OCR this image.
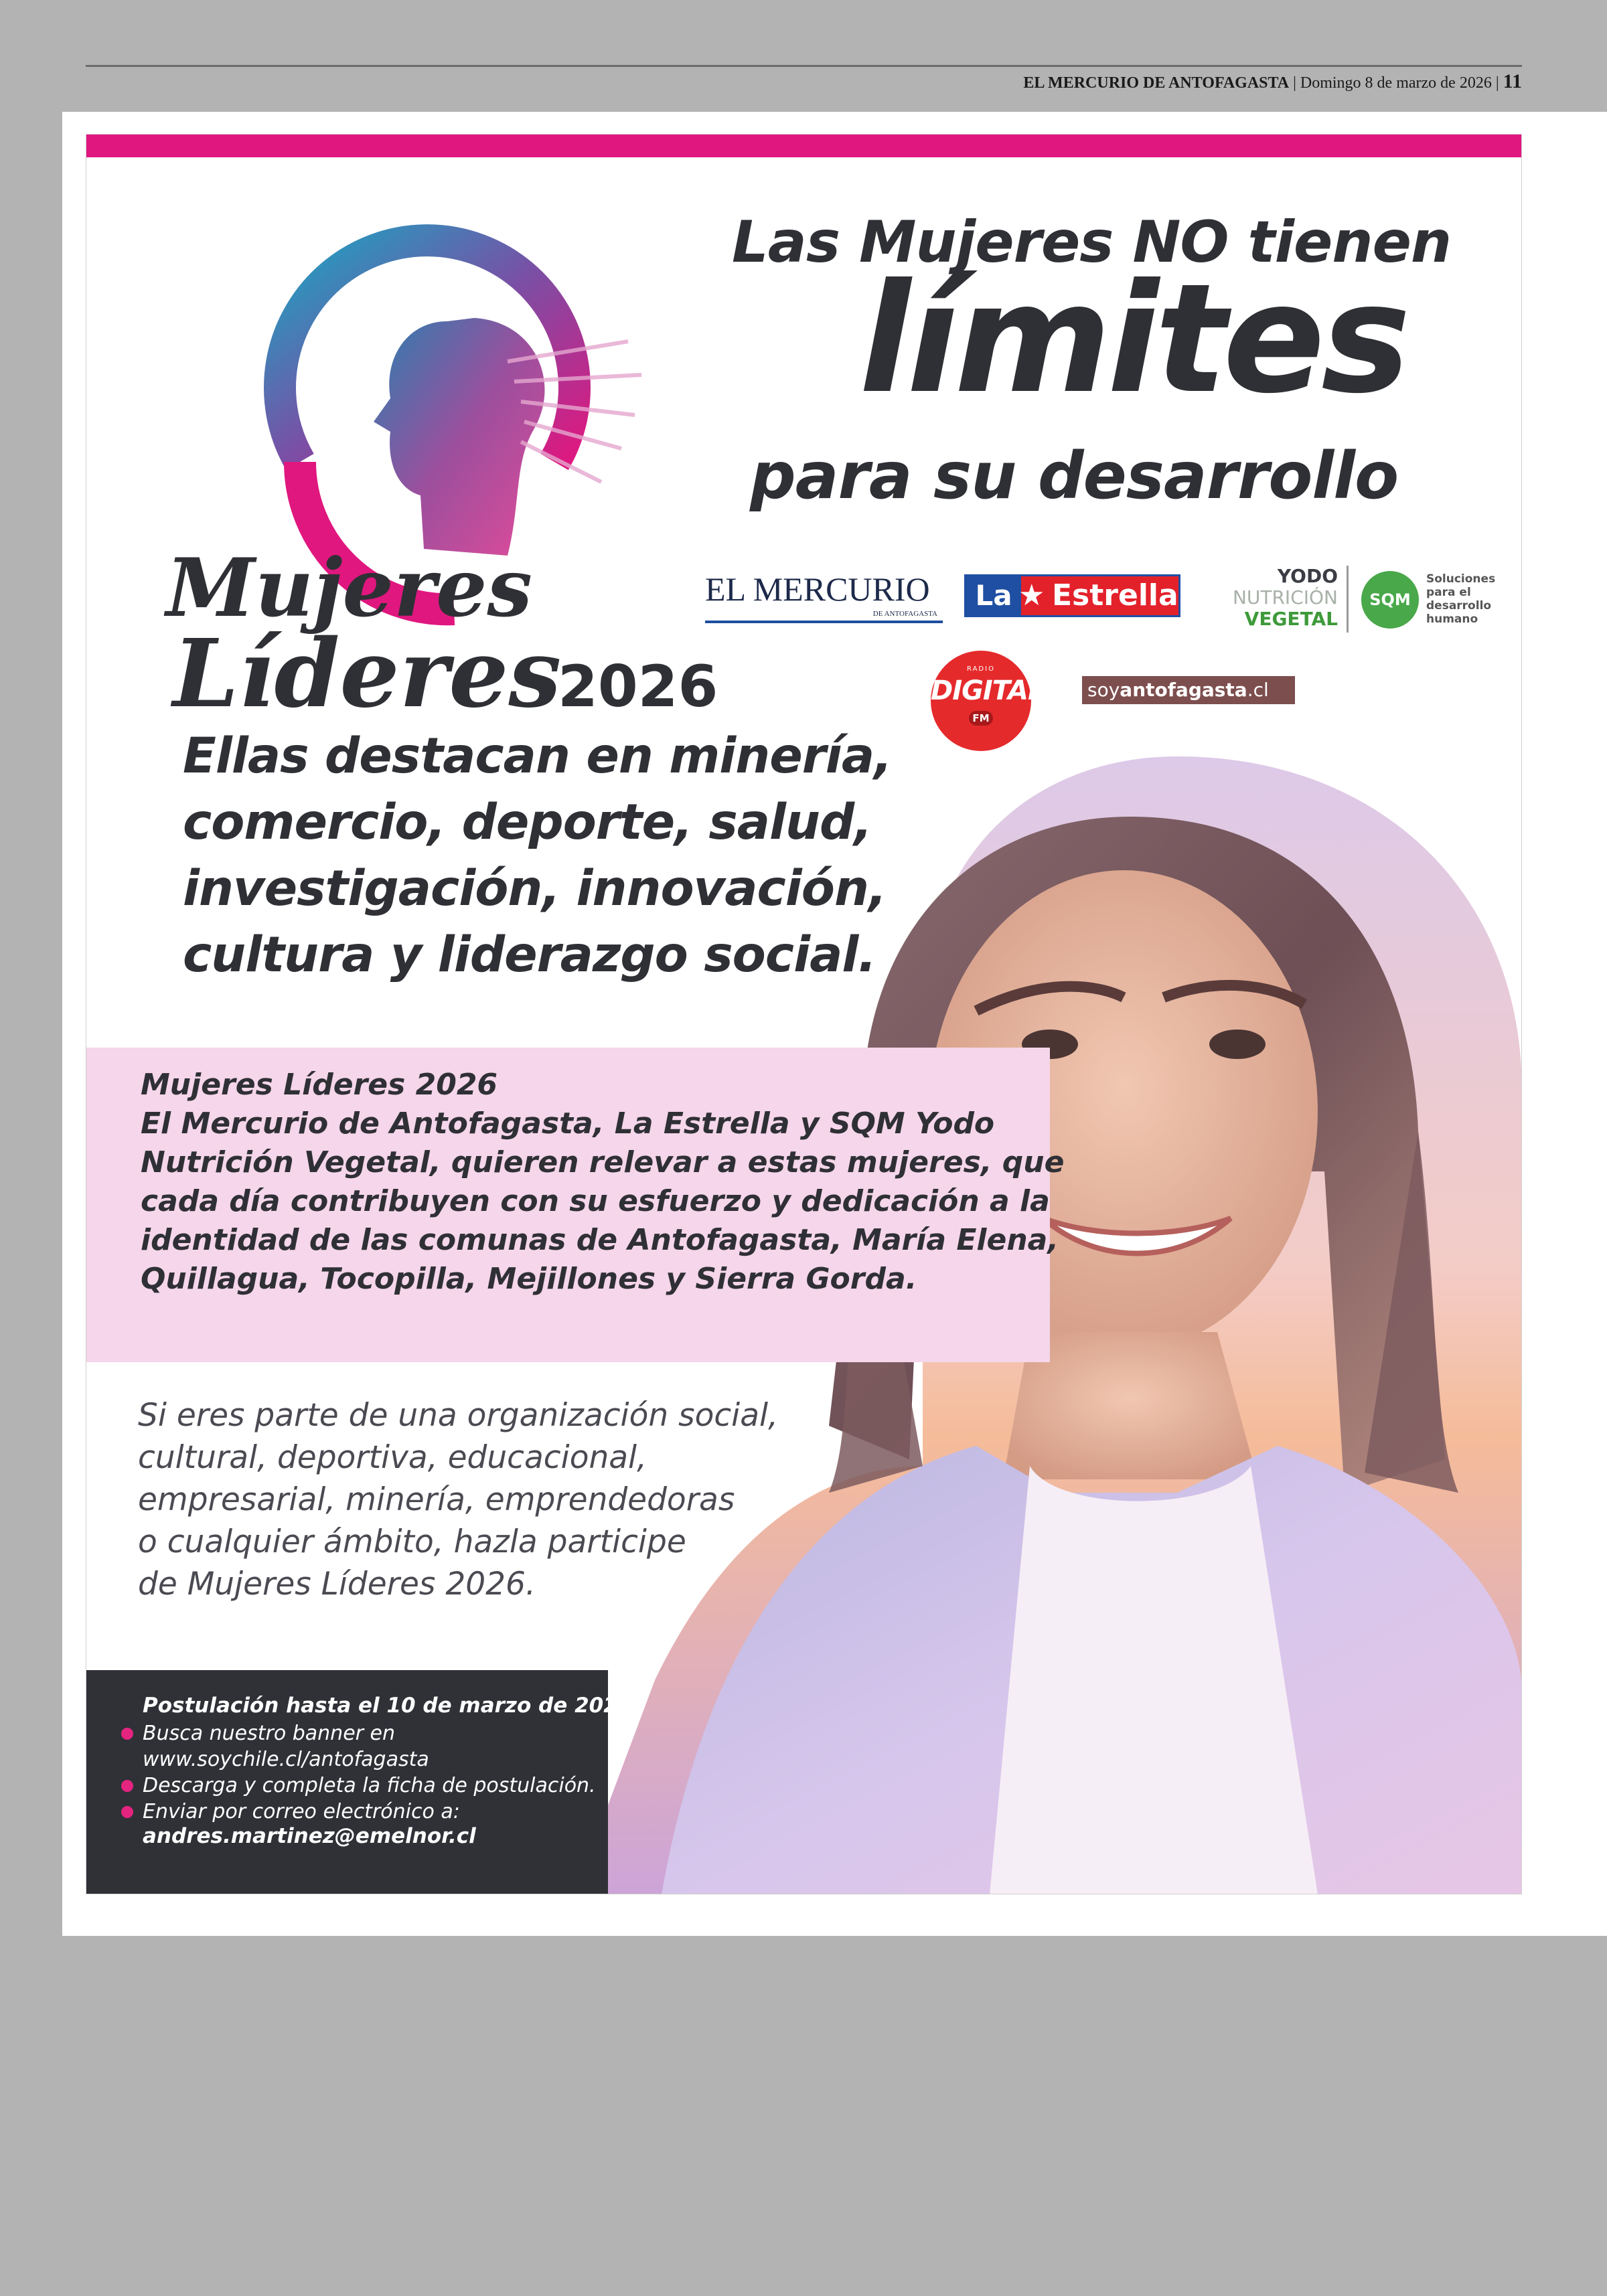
EL MERCURIO DE ANTOFAGASTA | Domingo 8 de marzo de 2026 | 11
Mujeres
Líderes
2026
Las Mujeres NO tienen
límites
para su desarrollo
EL MERCURIO
DE ANTOFAGASTA
La ★ Estrella
YODO
NUTRICIÓN
VEGETAL
SQM
Soluciones
para el
desarrollo
humano
RADIO
DIGITAL
FM
soyantofagasta.cl
Ellas destacan en minería,
comercio, deporte, salud,
investigación, innovación,
cultura y liderazgo social.
Mujeres Líderes 2026
El Mercurio de Antofagasta, La Estrella y SQM Yodo
Nutrición Vegetal, quieren relevar a estas mujeres, que
cada día contribuyen con su esfuerzo y dedicación a la
identidad de las comunas de Antofagasta, María Elena,
Quillagua, Tocopilla, Mejillones y Sierra Gorda.
Si eres parte de una organización social,
cultural, deportiva, educacional,
empresarial, minería, emprendedoras
o cualquier ámbito, hazla participe
de Mujeres Líderes 2026.
Postulación hasta el 10 de marzo de 2026
Busca nuestro banner en
www.soychile.cl/antofagasta
Descarga y completa la ficha de postulación.
Enviar por correo electrónico a:
andres.martinez@emelnor.cl
